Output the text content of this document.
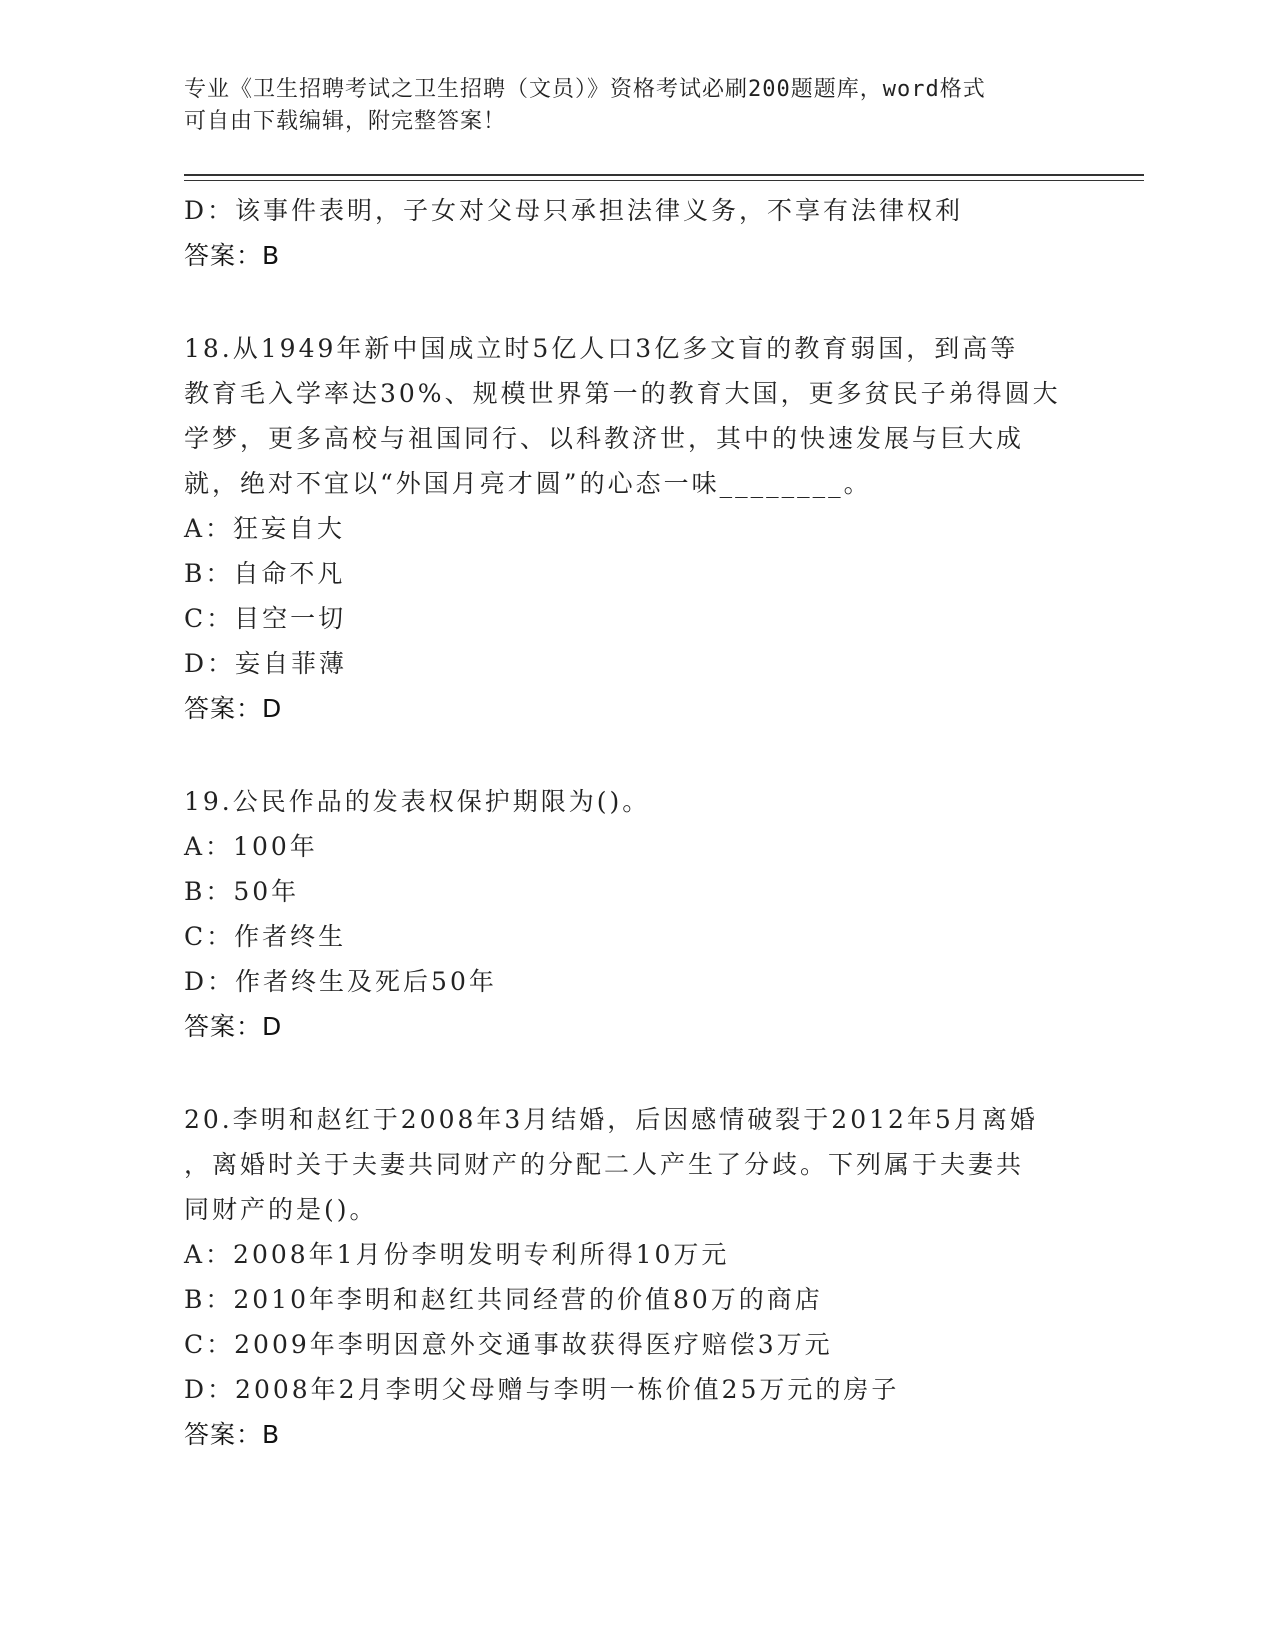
专业《卫生招聘考试之卫生招聘（文员）》资格考试必刷200题题库，word格式
可自由下载编辑，附完整答案！
D：该事件表明，子女对父母只承担法律义务，不享有法律权利
答案：B
18.从1949年新中国成立时5亿人口3亿多文盲的教育弱国，到高等
教育毛入学率达30%、规模世界第一的教育大国，更多贫民子弟得圆大
学梦，更多高校与祖国同行、以科教济世，其中的快速发展与巨大成
就，绝对不宜以“外国月亮才圆”的心态一味________。
A：狂妄自大
B：自命不凡
C：目空一切
D：妄自菲薄
答案：D
19.公民作品的发表权保护期限为()。
A：100年
B：50年
C：作者终生
D：作者终生及死后50年
答案：D
20.李明和赵红于2008年3月结婚，后因感情破裂于2012年5月离婚
，离婚时关于夫妻共同财产的分配二人产生了分歧。下列属于夫妻共
同财产的是()。
A：2008年1月份李明发明专利所得10万元
B：2010年李明和赵红共同经营的价值80万的商店
C：2009年李明因意外交通事故获得医疗赔偿3万元
D：2008年2月李明父母赠与李明一栋价值25万元的房子
答案：B
